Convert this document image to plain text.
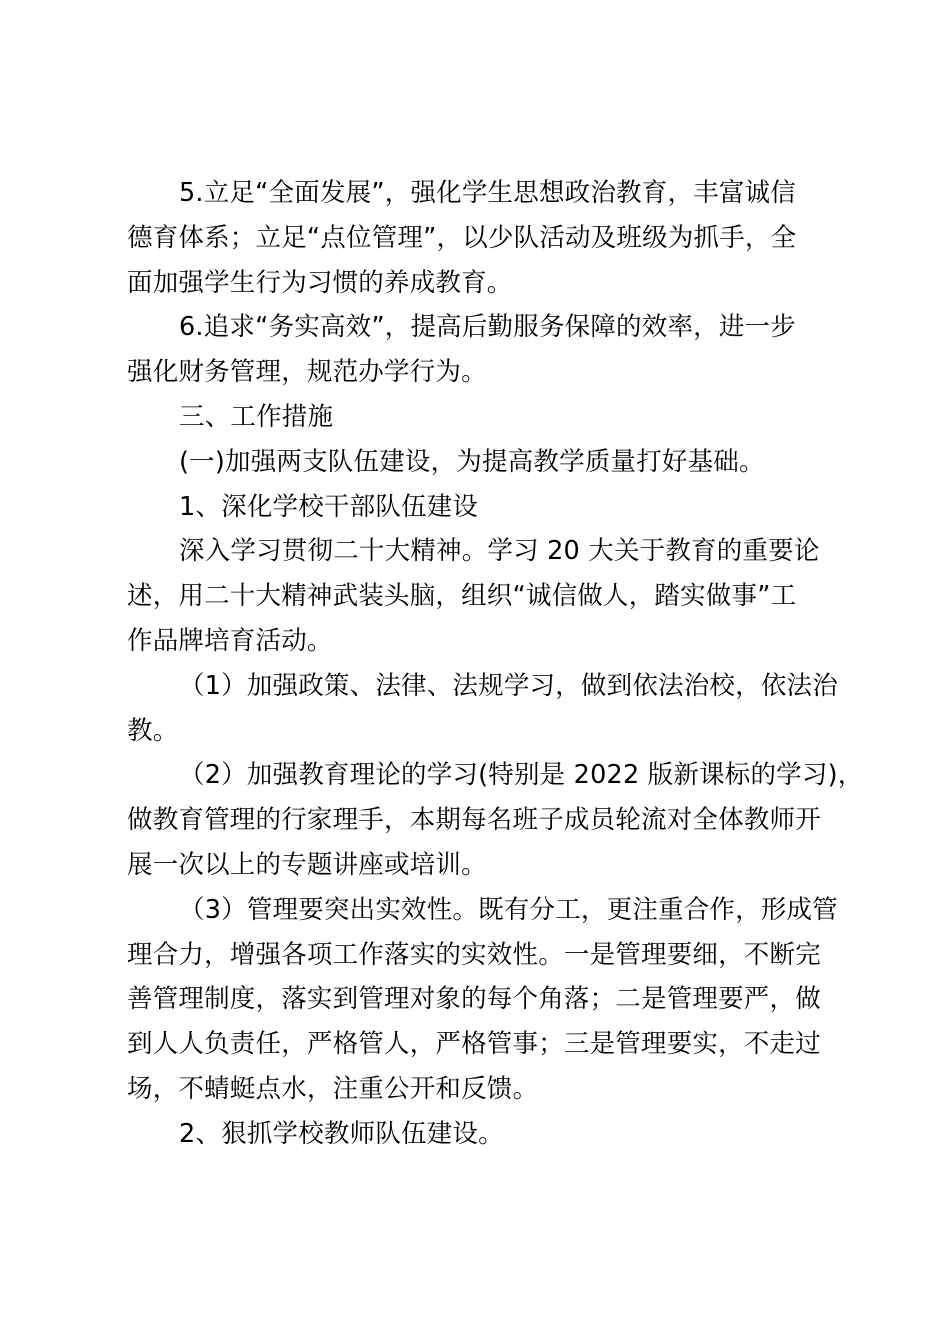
5.立足“全面发展”，强化学生思想政治教育，丰富诚信
德育体系；立足“点位管理”，以少队活动及班级为抓手，全
面加强学生行为习惯的养成教育。
6.追求“务实高效”，提高后勤服务保障的效率，进一步
强化财务管理，规范办学行为。
三、工作措施
(一)加强两支队伍建设，为提高教学质量打好基础。
1、深化学校干部队伍建设
深入学习贯彻二十大精神。学习 20 大关于教育的重要论
述，用二十大精神武装头脑，组织“诚信做人，踏实做事”工
作品牌培育活动。
（1）加强政策、法律、法规学习，做到依法治校，依法治
教。
（2）加强教育理论的学习(特别是 2022 版新课标的学习)，
做教育管理的行家理手，本期每名班子成员轮流对全体教师开
展一次以上的专题讲座或培训。
（3）管理要突出实效性。既有分工，更注重合作，形成管
理合力，增强各项工作落实的实效性。一是管理要细，不断完
善管理制度，落实到管理对象的每个角落；二是管理要严，做
到人人负责任，严格管人，严格管事；三是管理要实，不走过
场，不蜻蜓点水，注重公开和反馈。
2、狠抓学校教师队伍建设。
